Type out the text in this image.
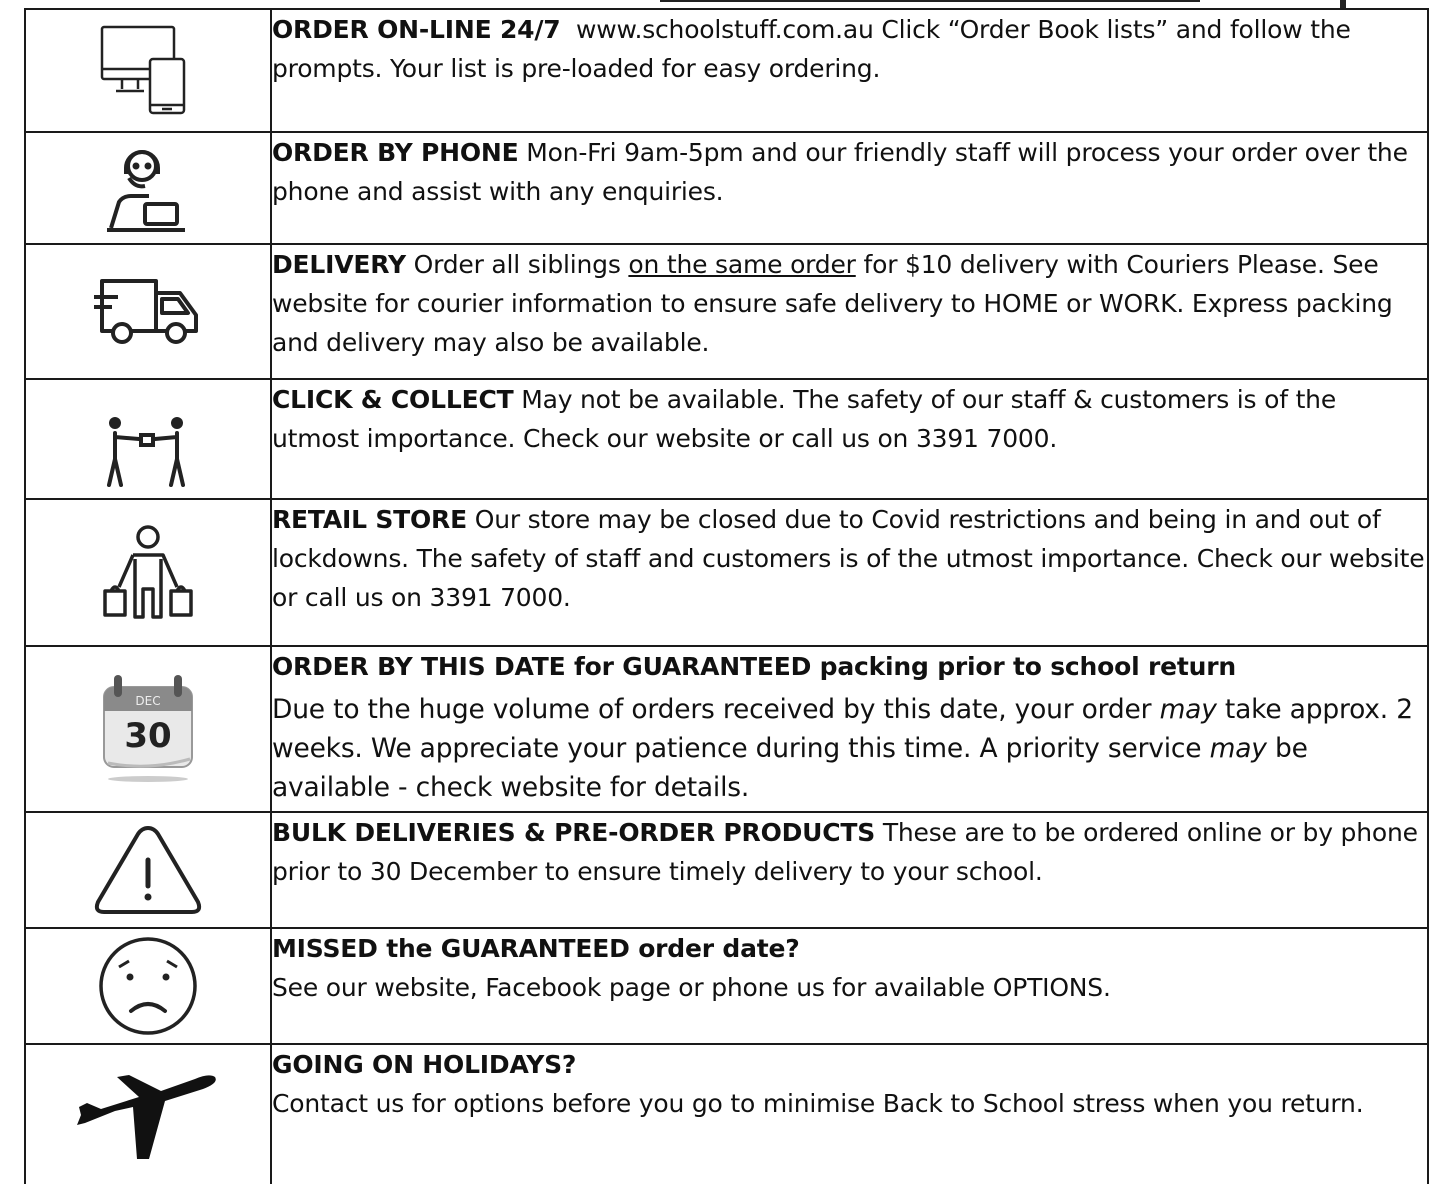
	ORDER ON-LINE 24/7 www.schoolstuff.com.au Click “Order Book lists” and follow the prompts. Your list is pre-loaded for easy ordering.

	ORDER BY PHONE Mon-Fri 9am-5pm and our friendly staff will process your order over the phone and assist with any enquiries.

	DELIVERY Order all siblings on the same order for $10 delivery with Couriers Please. See website for courier information to ensure safe delivery to HOME or WORK. Express packing and delivery may also be available.

	CLICK & COLLECT May not be available. The safety of our staff & customers is of the utmost importance. Check our website or call us on 3391 7000.

	RETAIL STORE Our store may be closed due to Covid restrictions and being in and out of lockdowns. The safety of staff and customers is of the utmost importance. Check our website or call us on 3391 7000.

DEC
30	ORDER BY THIS DATE for GUARANTEED packing prior to school return
Due to the huge volume of orders received by this date, your order may take approx. 2 weeks. We appreciate your patience during this time. A priority service may be available - check website for details.

	BULK DELIVERIES & PRE-ORDER PRODUCTS These are to be ordered online or by phone prior to 30 December to ensure timely delivery to your school.

MISSED the GUARANTEED order date?
See our website, Facebook page or phone us for available OPTIONS.

GOING ON HOLIDAYS?
Contact us for options before you go to minimise Back to School stress when you return.
